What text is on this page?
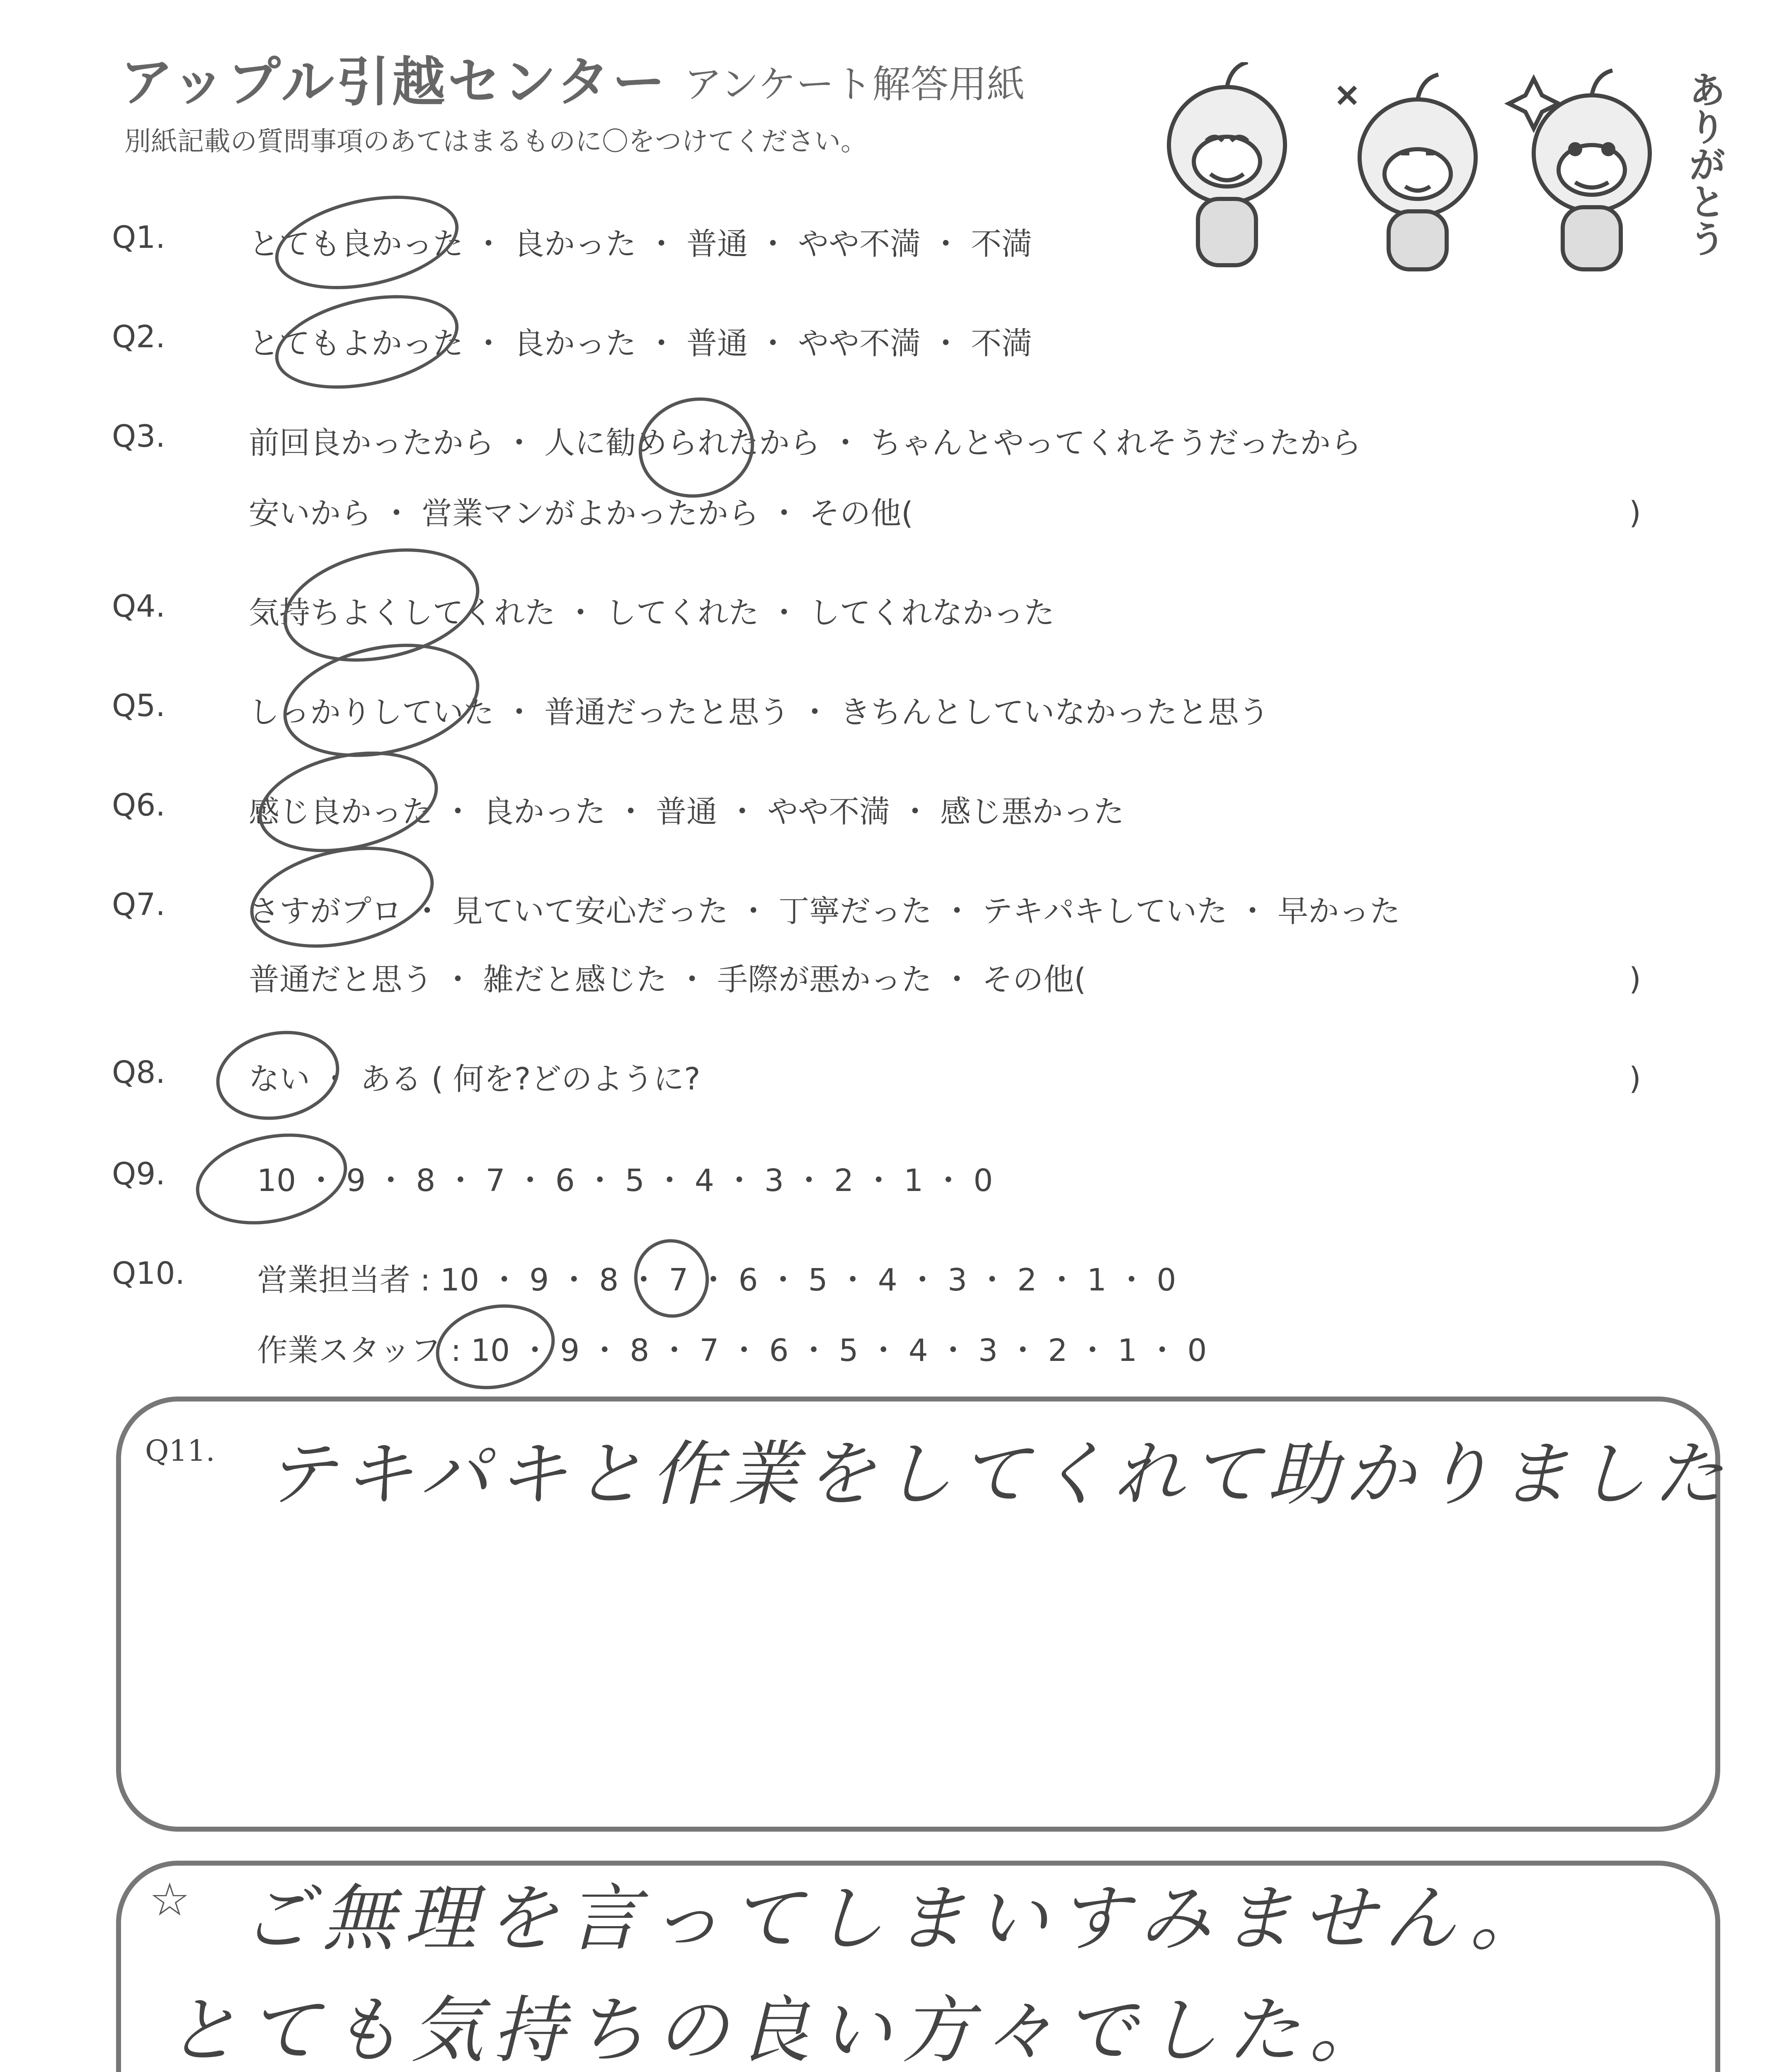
アップル引越センター アンケート解答用紙
別紙記載の質問事項のあてはまるものに〇をつけてください。	ありがとう
Q1.	とても良かった ・ 良かった ・ 普通 ・ やや不満 ・ 不満
Q2.	とてもよかった ・ 良かった ・ 普通 ・ やや不満 ・ 不満
Q3.	前回良かったから ・ 人に勧められたから ・ ちゃんとやってくれそうだったから
安いから ・ 営業マンがよかったから ・ その他(	)
Q4.	気持ちよくしてくれた ・ してくれた ・ してくれなかった
Q5.	しっかりしていた ・ 普通だったと思う ・ きちんとしていなかったと思う
Q6.	感じ良かった ・ 良かった ・ 普通 ・ やや不満 ・ 感じ悪かった
Q7.	さすがプロ ・ 見ていて安心だった ・ 丁寧だった ・ テキパキしていた ・ 早かった
普通だと思う ・ 雑だと感じた ・ 手際が悪かった ・ その他(	)
Q8.	ない ・ ある ( 何を?どのように?	)
Q9.	10 ・ 9 ・ 8 ・ 7 ・ 6 ・ 5 ・ 4 ・ 3 ・ 2 ・ 1 ・ 0
Q10. 営業担当者 : 10 ・ 9 ・ 8 ・ 7 ・ 6 ・ 5 ・ 4 ・ 3 ・ 2 ・ 1 ・ 0
作業スタッフ : 10 ・ 9 ・ 8 ・ 7 ・ 6 ・ 5 ・ 4 ・ 3 ・ 2 ・ 1 ・ 0
Q11. テキパキと作業をしてくれて助かりました
☆ ご無理を言ってしまいすみません。
とても気持ちの良い方々でした。
